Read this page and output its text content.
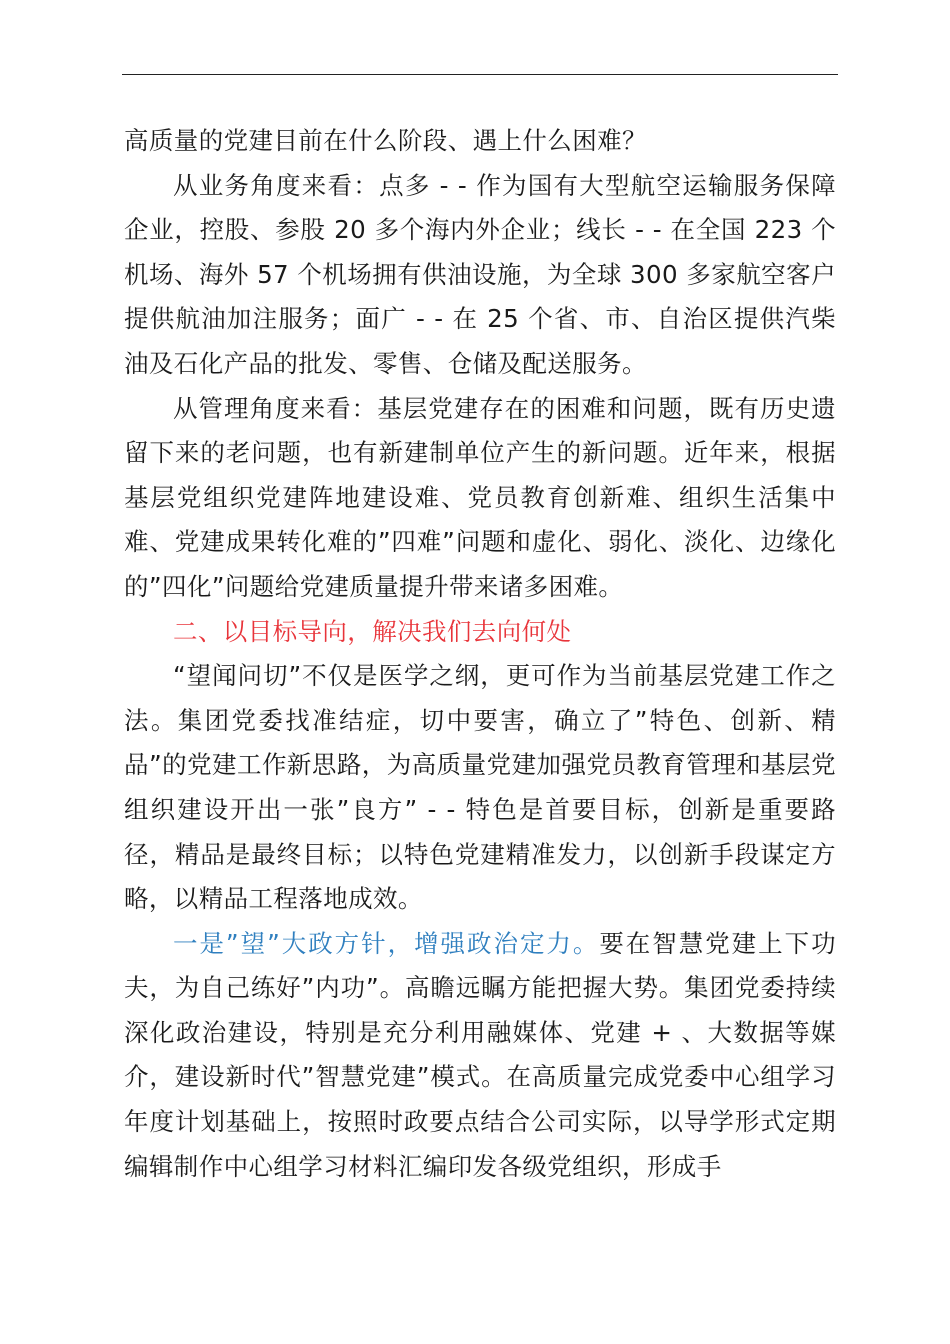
高质量的党建目前在什么阶段、遇上什么困难？

从业务角度来看：点多 - - 作为国有大型航空运输服务保障企业，控股、参股 20 多个海内外企业；线长 - - 在全国 223 个机场、海外 57 个机场拥有供油设施，为全球 300 多家航空客户提供航油加注服务；面广 - - 在 25 个省、市、自治区提供汽柴油及石化产品的批发、零售、仓储及配送服务。

从管理角度来看：基层党建存在的困难和问题，既有历史遗留下来的老问题，也有新建制单位产生的新问题。近年来，根据基层党组织党建阵地建设难、党员教育创新难、组织生活集中难、党建成果转化难的”四难”问题和虚化、弱化、淡化、边缘化的”四化”问题给党建质量提升带来诸多困难。

二、以目标导向，解决我们去向何处

“望闻问切”不仅是医学之纲，更可作为当前基层党建工作之法。集团党委找准结症，切中要害，确立了”特色、创新、精品”的党建工作新思路，为高质量党建加强党员教育管理和基层党组织建设开出一张”良方” - - 特色是首要目标，创新是重要路径，精品是最终目标；以特色党建精准发力，以创新手段谋定方略，以精品工程落地成效。

一是”望”大政方针，增强政治定力。要在智慧党建上下功夫，为自己练好”内功”。高瞻远瞩方能把握大势。集团党委持续深化政治建设，特别是充分利用融媒体、党建 + 、大数据等媒介，建设新时代”智慧党建”模式。在高质量完成党委中心组学习年度计划基础上，按照时政要点结合公司实际，以导学形式定期编辑制作中心组学习材料汇编印发各级党组织，形成手
